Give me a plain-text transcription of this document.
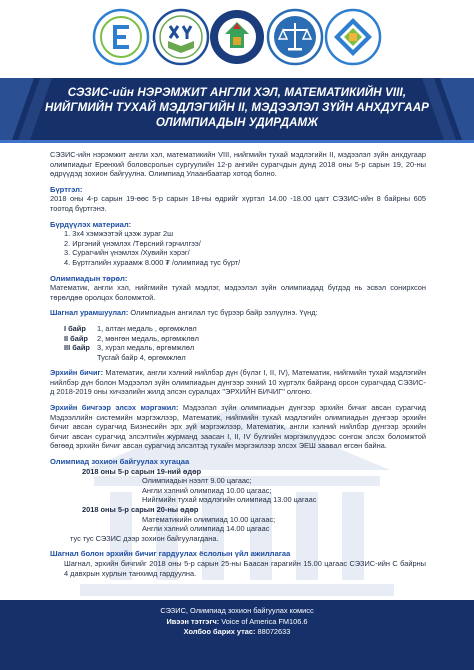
СЭЗИС-ийн НЭРЭМЖИТ АНГЛИ ХЭЛ, МАТЕМАТИКИЙН VIII,
НИЙГМИЙН ТУХАЙ МЭДЛЭГИЙН II, МЭДЭЭЛЭЛ ЗҮЙН АНХДУГААР
ОЛИМПИАДЫН УДИРДАМЖ
СЭЗИС-ийн нэрэмжит англи хэл, математикийн VIII, нийгмийн тухай мэдлэгийн II, мэдээлэл зүйн анхдугаар олимпиадыг Ерөнхий боловсролын сургуулийн 12-р ангийн сурагчдын дунд 2018 оны 5-р сарын 19, 20-ны өдрүүдэд зохион байгуулна. Олимпиад Улаанбаатар хотод болно.
Бүртгэл:
2018 оны 4-р сарын 19-өөс 5-р сарын 18-ны өдрийг хүртэл 14.00 -18.00 цагт СЭЗИС-ийн 8 байрны 605 тоотод бүртгэнэ.
Бүрдүүлэх материал:
1. 3х4 хэмжээтэй цээж зураг 2ш
2. Иргэний үнэмлэх /Төрсний гэрчилгээ/
3. Сурагчийн үнэмлэх /Хувийн хэрэг/
4. Бүртгэлийн хураамж 8.000 ₮ /олимпиад тус бүрт/
Олимпиадын төрөл:
Математик, англи хэл, нийгмийн тухай мэдлэг, мэдээлэл зүйн олимпиадад бүгдэд нь эсвэл сонирхсон төрөлдөө оролцох боломжтой.
Шагнал урамшуулал: Олимпиадын ангилал тус бүрээр байр эзлүүлнэ. Үүнд:
I байр	1, алтан медаль , өргөмжлөл
II байр	2, мөнгөн медаль, өргөмжлөл
III байр 3, хүрэл медаль, өргөмжлөл
Тусгай байр 4, өргөмжлөл
Эрхийн бичиг: Математик, англи хэлний нийлбэр дүн (бүлэг I, II, IV), Математик, нийгмийн тухай мэдлэгийн нийлбэр дүн болон Мэдээлэл зүйн олимпиадын дүнгээр эхний 10 хүртэлх байранд орсон сурагчдад СЭЗИС-д 2018-2019 оны хичээлийн жилд элсэн суралцах "ЭРХИЙН БИЧИГ" олгоно.
Эрхийн бичгээр элсэх мэргэжил: Мэдээлэл зүйн олимпиадын дүнгээр эрхийн бичиг авсан сурагчид Мэдээллийн системийн мэргэжлээр, Математик, нийгмийн тухай мэдлэгийн олимпиадын дүнгээр эрхийн бичиг авсан сурагчид Бизнесийн эрх зүй мэргэжлээр, Математик, англи хэлний нийлбэр дүнгээр эрхийн бичиг авсан сурагчид элсэлтийн журманд заасан I, II, IV бүлгийн мэргэжлүүдээс сонгож элсэх боломжтой бөгөөд эрхийн бичиг авсан сурагчид элсэлтэд тухайн мэргэжлээр элсэх ЭЕШ заавал өгсөн байна.
Олимпиад зохион байгуулах хугацаа
2018 оны 5-р сарын 19-ний өдөр
Олимпиадын нээлт 9.00 цагаас;
Англи хэлний олимпиад 10.00 цагаас;
Нийгмийн тухай мэдлэгийн олимпиад 13.00 цагаас
2018 оны 5-р сарын 20-ны өдөр
Математикийн олимпиад 10.00 цагаас;
Англи хэлний олимпиад 14.00 цагаас
тус тус СЭЗИС дээр зохион байгуулагдана.
Шагнал болон эрхийн бичиг гардуулах ёслолын үйл ажиллагаа
Шагнал, эрхийн бичгийг 2018 оны 5-р сарын 25-ны Баасан гарагийн 15.00 цагаас СЭЗИС-ийн С байрны 4 давхрын хурлын танхимд гардуулна.
СЭЗИС, Олимпиад зохион байгуулах комисс
Ивээн тэтгэгч: Voice of America FM106.6
Холбоо барих утас: 88072633
